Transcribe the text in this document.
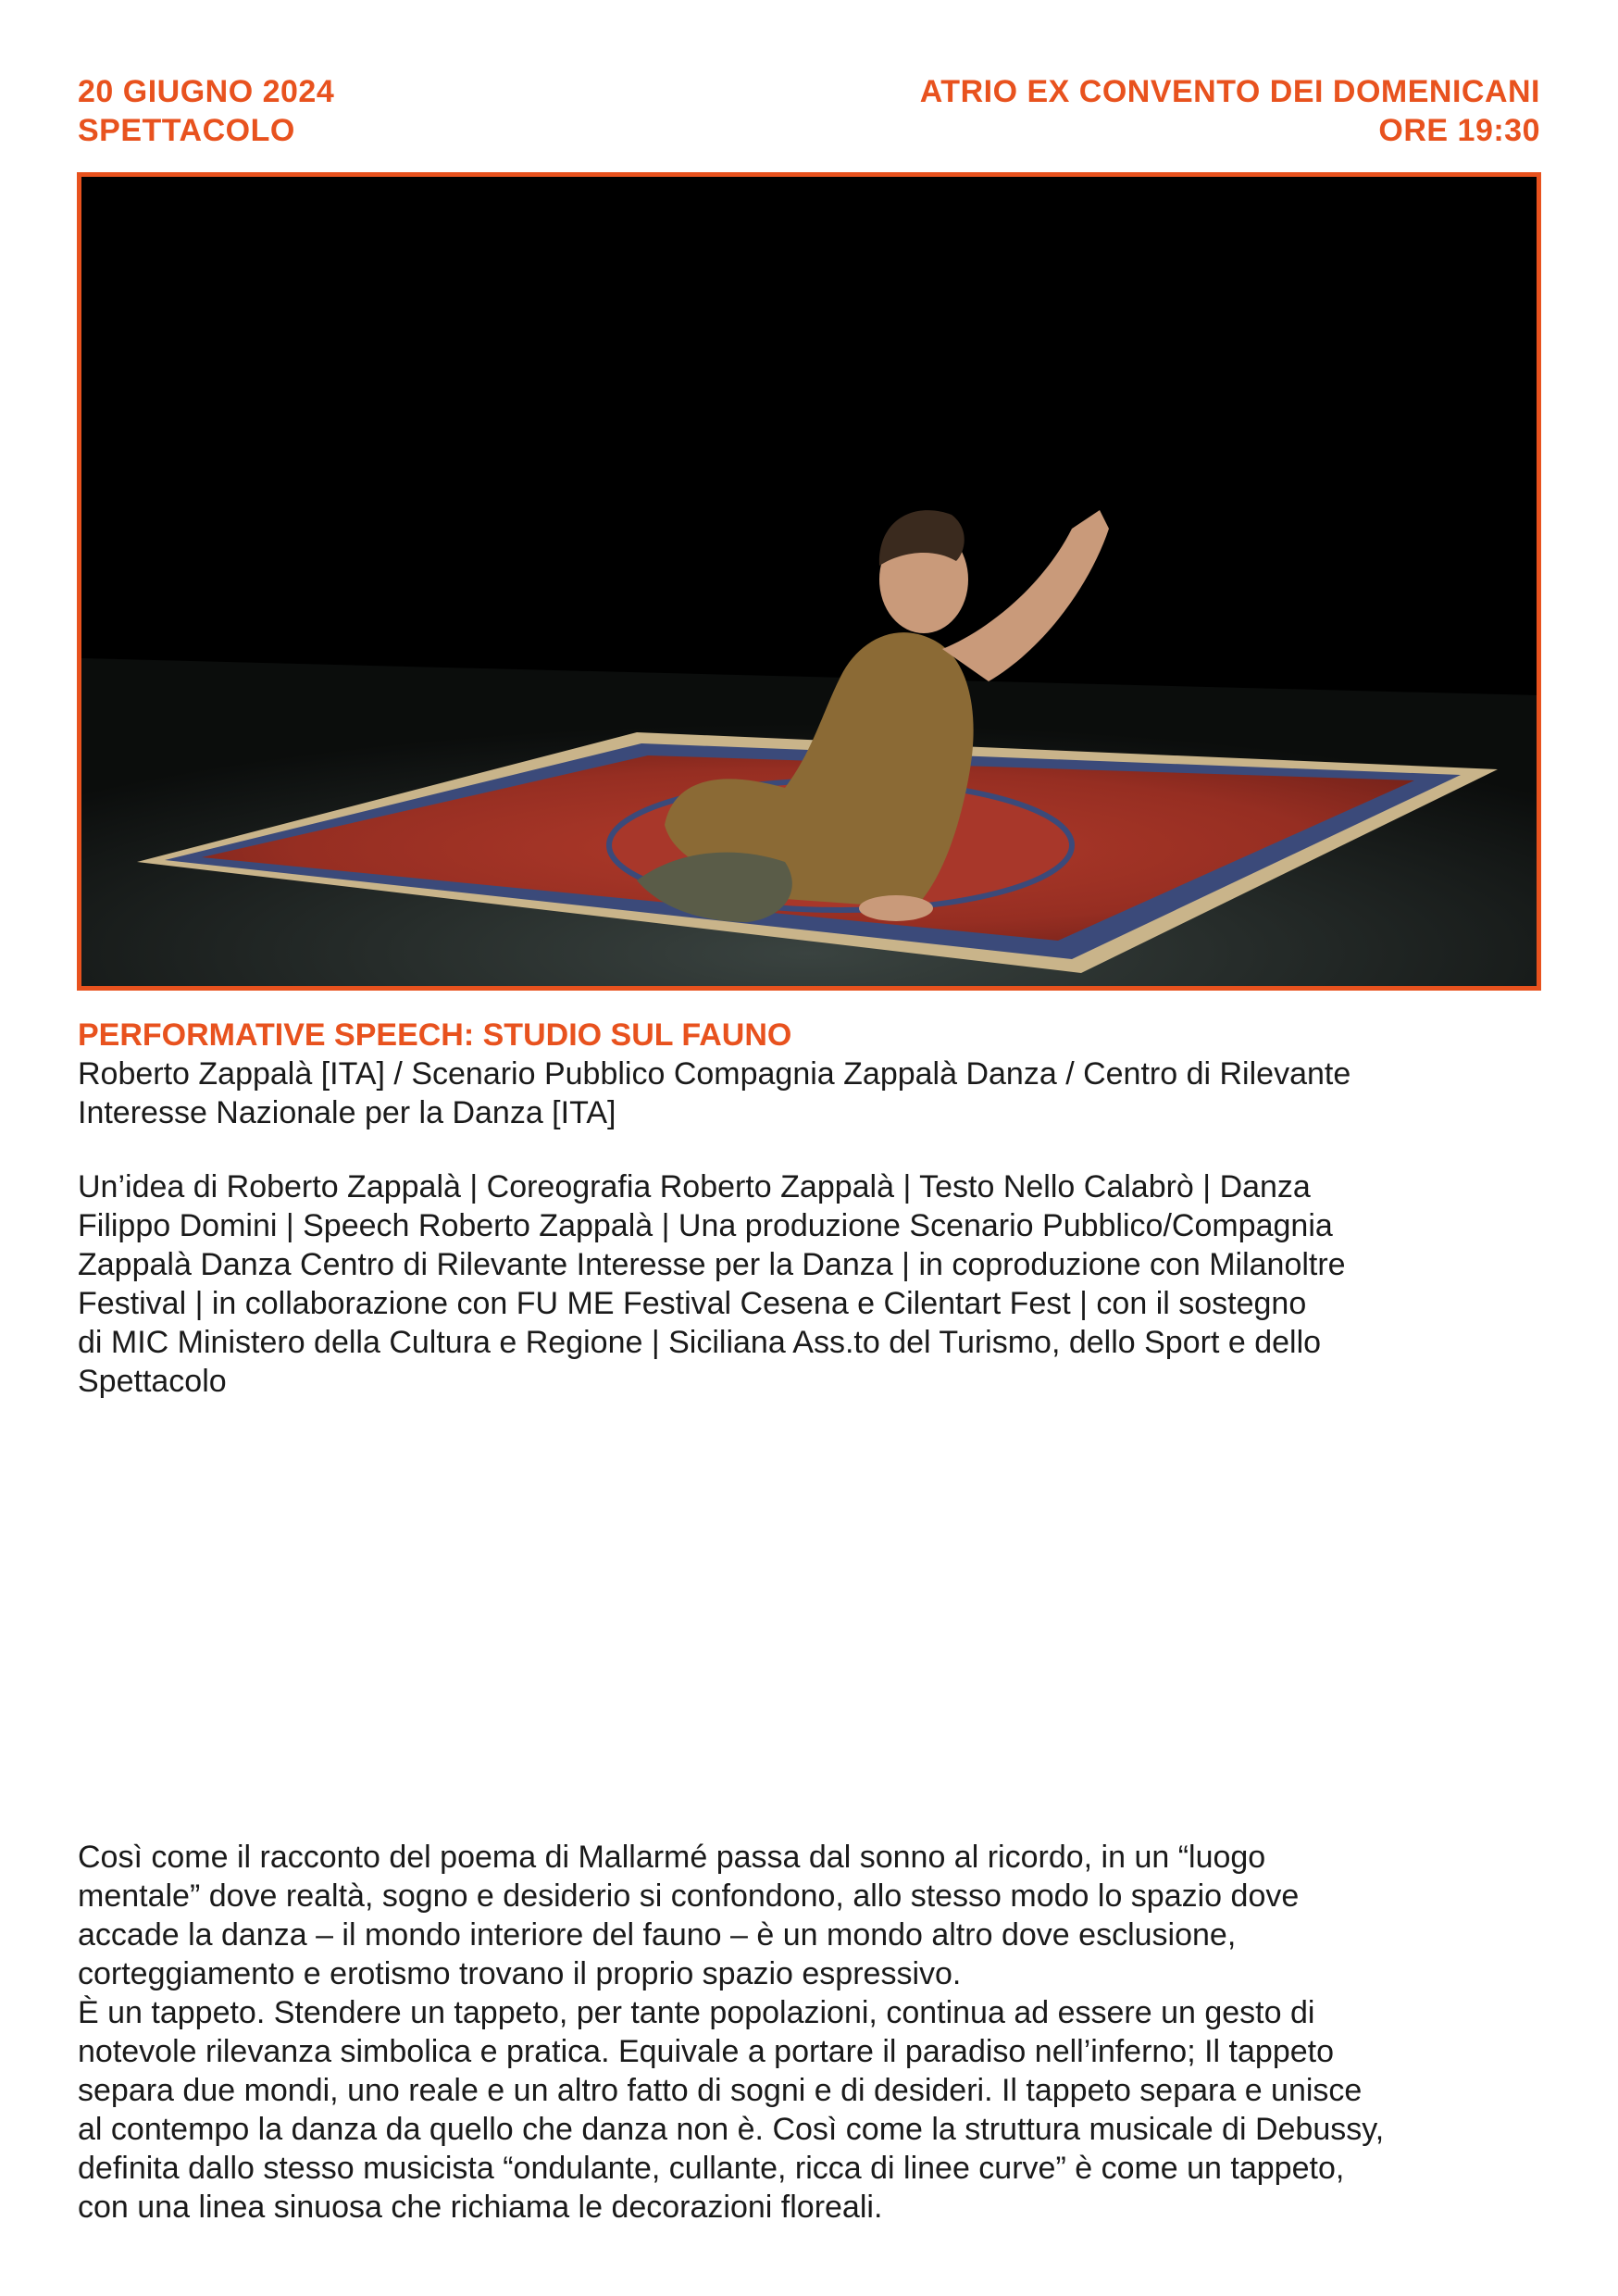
20 GIUGNO 2024
SPETTACOLO
ATRIO EX CONVENTO DEI DOMENICANI
ORE 19:30
PERFORMATIVE SPEECH: STUDIO SUL FAUNO
Roberto Zappalà [ITA] / Scenario Pubblico Compagnia Zappalà Danza / Centro di Rilevante
Interesse Nazionale per la Danza [ITA]
Un’idea di Roberto Zappalà | Coreografia Roberto Zappalà | Testo Nello Calabrò | Danza
Filippo Domini | Speech Roberto Zappalà | Una produzione Scenario Pubblico/Compagnia
Zappalà Danza Centro di Rilevante Interesse per la Danza | in coproduzione con Milanoltre
Festival | in collaborazione con FU ME Festival Cesena e Cilentart Fest | con il sostegno
di MIC Ministero della Cultura e Regione | Siciliana Ass.to del Turismo, dello Sport e dello
Spettacolo
Così come il racconto del poema di Mallarmé passa dal sonno al ricordo, in un “luogo
mentale” dove realtà, sogno e desiderio si confondono, allo stesso modo lo spazio dove
accade la danza – il mondo interiore del fauno – è un mondo altro dove esclusione,
corteggiamento e erotismo trovano il proprio spazio espressivo.
È un tappeto. Stendere un tappeto, per tante popolazioni, continua ad essere un gesto di
notevole rilevanza simbolica e pratica. Equivale a portare il paradiso nell’inferno; Il tappeto
separa due mondi, uno reale e un altro fatto di sogni e di desideri. Il tappeto separa e unisce
al contempo la danza da quello che danza non è. Così come la struttura musicale di Debussy,
definita dallo stesso musicista “ondulante, cullante, ricca di linee curve” è come un tappeto,
con una linea sinuosa che richiama le decorazioni floreali.
